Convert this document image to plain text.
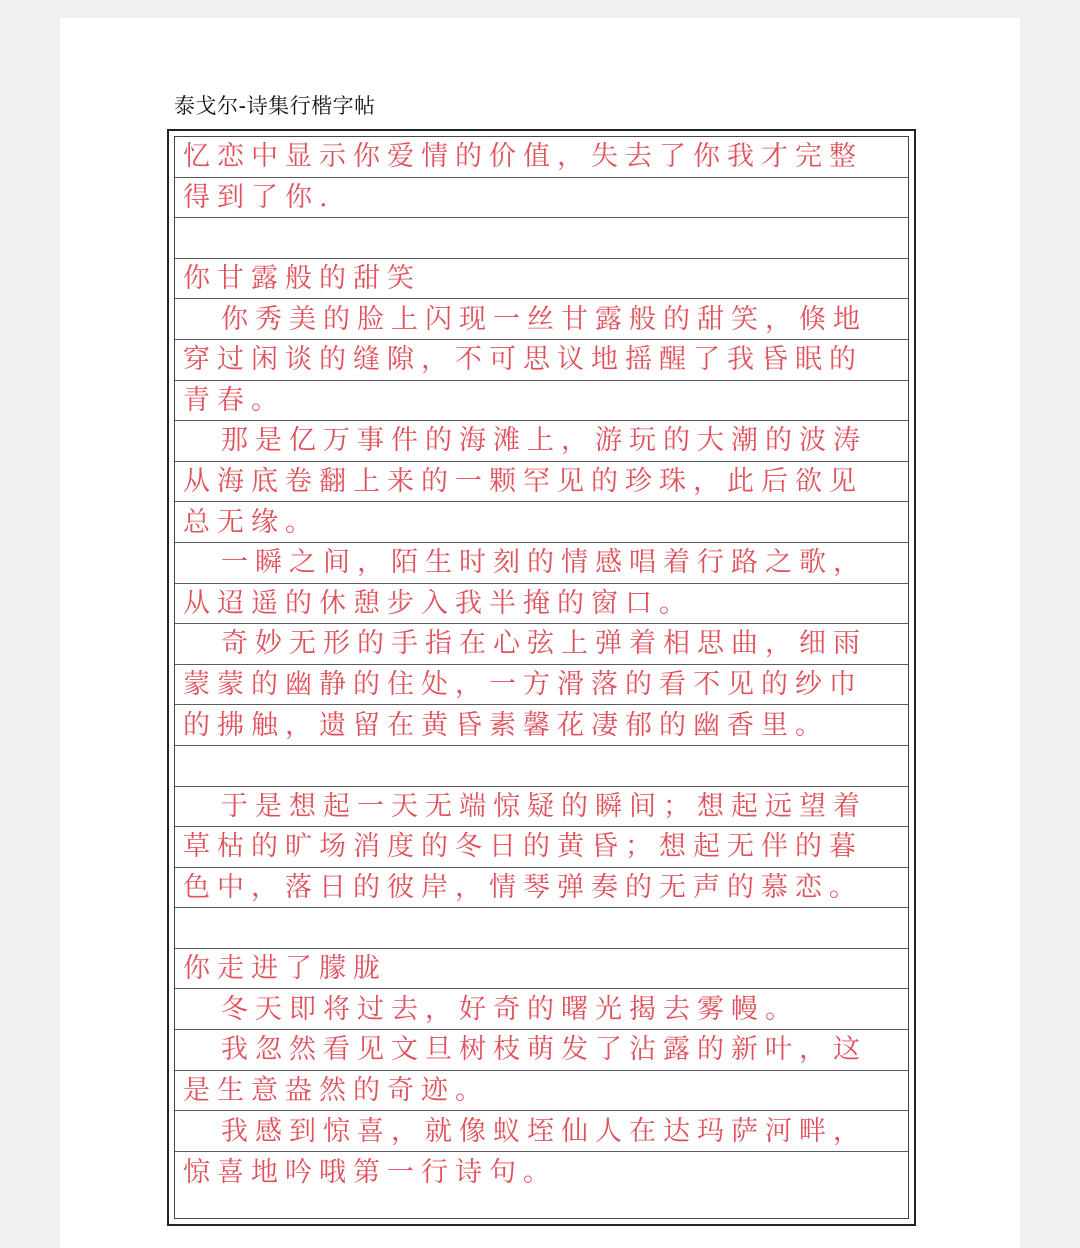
泰戈尔-诗集行楷字帖
忆恋中显示你爱情的价值，失去了你我才完整
得到了你.
你甘露般的甜笑
你秀美的脸上闪现一丝甘露般的甜笑，倏地
穿过闲谈的缝隙，不可思议地摇醒了我昏眠的
青春。
那是亿万事件的海滩上，游玩的大潮的波涛
从海底卷翻上来的一颗罕见的珍珠，此后欲见
总无缘。
一瞬之间，陌生时刻的情感唱着行路之歌，
从迢遥的休憩步入我半掩的窗口。
奇妙无形的手指在心弦上弹着相思曲，细雨
蒙蒙的幽静的住处，一方滑落的看不见的纱巾
的拂触，遗留在黄昏素馨花凄郁的幽香里。
于是想起一天无端惊疑的瞬间；想起远望着
草枯的旷场消度的冬日的黄昏；想起无伴的暮
色中，落日的彼岸，情琴弹奏的无声的慕恋。
你走进了朦胧
冬天即将过去，好奇的曙光揭去雾幔。
我忽然看见文旦树枝萌发了沾露的新叶，这
是生意盎然的奇迹。
我感到惊喜，就像蚁垤仙人在达玛萨河畔，
惊喜地吟哦第一行诗句。
